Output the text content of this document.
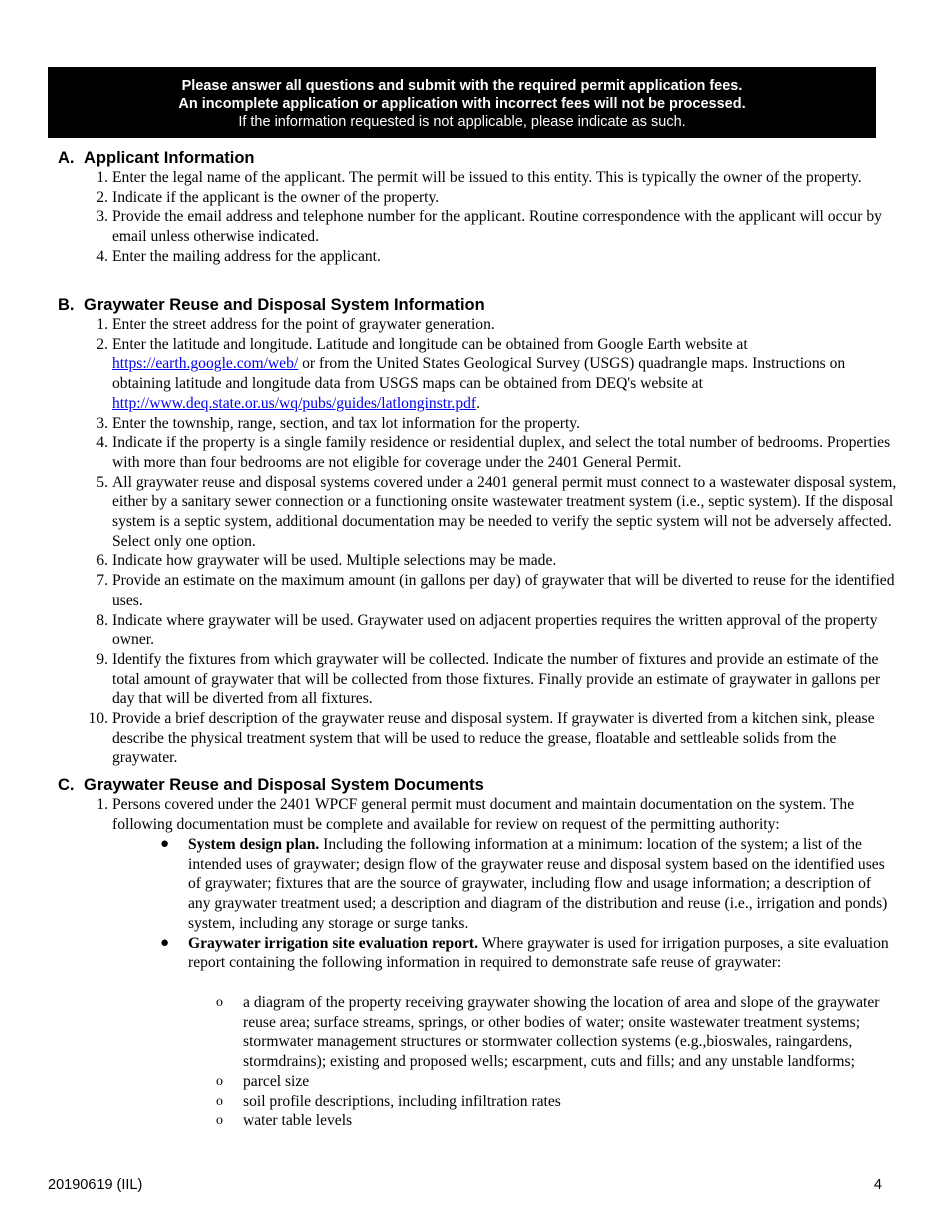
Please answer all questions and submit with the required permit application fees.
An incomplete application or application with incorrect fees will not be processed.
If the information requested is not applicable, please indicate as such.
A. Applicant Information
1. Enter the legal name of the applicant. The permit will be issued to this entity. This is typically the owner of the property.
2. Indicate if the applicant is the owner of the property.
3. Provide the email address and telephone number for the applicant. Routine correspondence with the applicant will occur by email unless otherwise indicated.
4. Enter the mailing address for the applicant.
B. Graywater Reuse and Disposal System Information
1. Enter the street address for the point of graywater generation.
2. Enter the latitude and longitude. Latitude and longitude can be obtained from Google Earth website at https://earth.google.com/web/ or from the United States Geological Survey (USGS) quadrangle maps. Instructions on obtaining latitude and longitude data from USGS maps can be obtained from DEQ's website at http://www.deq.state.or.us/wq/pubs/guides/latlonginstr.pdf.
3. Enter the township, range, section, and tax lot information for the property.
4. Indicate if the property is a single family residence or residential duplex, and select the total number of bedrooms. Properties with more than four bedrooms are not eligible for coverage under the 2401 General Permit.
5. All graywater reuse and disposal systems covered under a 2401 general permit must connect to a wastewater disposal system, either by a sanitary sewer connection or a functioning onsite wastewater treatment system (i.e., septic system). If the disposal system is a septic system, additional documentation may be needed to verify the septic system will not be adversely affected. Select only one option.
6. Indicate how graywater will be used. Multiple selections may be made.
7. Provide an estimate on the maximum amount (in gallons per day) of graywater that will be diverted to reuse for the identified uses.
8. Indicate where graywater will be used. Graywater used on adjacent properties requires the written approval of the property owner.
9. Identify the fixtures from which graywater will be collected. Indicate the number of fixtures and provide an estimate of the total amount of graywater that will be collected from those fixtures. Finally provide an estimate of graywater in gallons per day that will be diverted from all fixtures.
10. Provide a brief description of the graywater reuse and disposal system. If graywater is diverted from a kitchen sink, please describe the physical treatment system that will be used to reduce the grease, floatable and settleable solids from the graywater.
C. Graywater Reuse and Disposal System Documents
1. Persons covered under the 2401 WPCF general permit must document and maintain documentation on the system. The following documentation must be complete and available for review on request of the permitting authority:
● System design plan. Including the following information at a minimum: location of the system; a list of the intended uses of graywater; design flow of the graywater reuse and disposal system based on the identified uses of graywater; fixtures that are the source of graywater, including flow and usage information; a description of any graywater treatment used; a description and diagram of the distribution and reuse (i.e., irrigation and ponds) system, including any storage or surge tanks.
● Graywater irrigation site evaluation report. Where graywater is used for irrigation purposes, a site evaluation report containing the following information in required to demonstrate safe reuse of graywater:
o a diagram of the property receiving graywater showing the location of area and slope of the graywater reuse area; surface streams, springs, or other bodies of water; onsite wastewater treatment systems; stormwater management structures or stormwater collection systems (e.g.,bioswales, raingardens, stormdrains); existing and proposed wells; escarpment, cuts and fills; and any unstable landforms;
o parcel size
o soil profile descriptions, including infiltration rates
o water table levels
20190619 (IIL)	4
